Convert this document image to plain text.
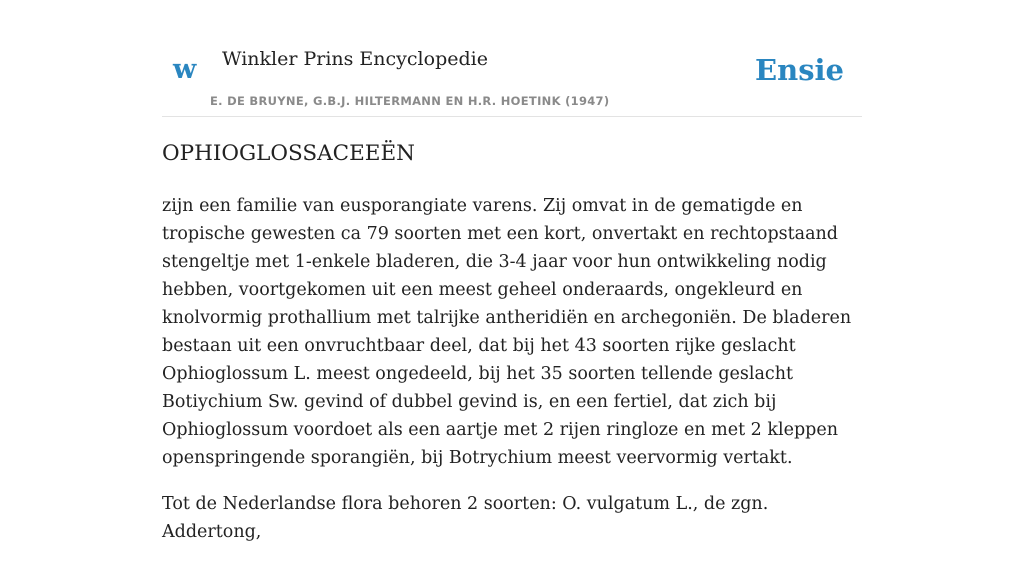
w Winkler Prins Encyclopedie
E. DE BRUYNE, G.B.J. HILTERMANN EN H.R. HOETINK (1947)
Ensie
OPHIOGLOSSACEEËN

zijn een familie van eusporangiate varens. Zij omvat in de gematigde en tropische gewesten ca 79 soorten met een kort, onvertakt en rechtopstaand stengeltje met 1-enkele bladeren, die 3-4 jaar voor hun ontwikkeling nodig hebben, voortgekomen uit een meest geheel onderaards, ongekleurd en knolvormig prothallium met talrijke antheridiën en archegoniën. De bladeren bestaan uit een onvruchtbaar deel, dat bij het 43 soorten rijke geslacht Ophioglossum L. meest ongedeeld, bij het 35 soorten tellende geslacht Botiychium Sw. gevind of dubbel gevind is, en een fertiel, dat zich bij Ophioglossum voordoet als een aartje met 2 rijen ringloze en met 2 kleppen openspringende sporangiën, bij Botrychium meest veervormig vertakt.

Tot de Nederlandse flora behoren 2 soorten: O. vulgatum L., de zgn. Addertong,
